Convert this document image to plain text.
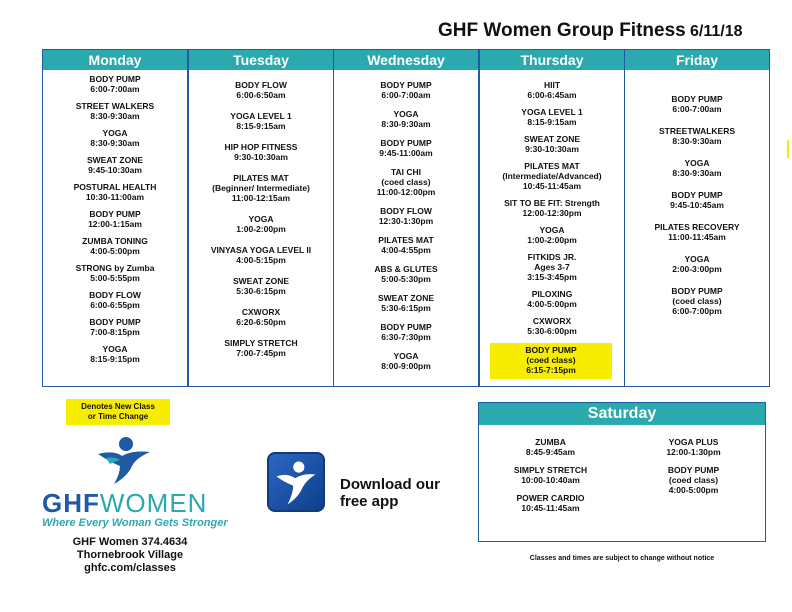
GHF Women Group Fitness 6/11/18
Monday
BODY PUMP
6:00-7:00am
STREET WALKERS
8:30-9:30am
YOGA
8:30-9:30am
SWEAT ZONE
9:45-10:30am
POSTURAL HEALTH
10:30-11:00am
BODY PUMP
12:00-1:15am
ZUMBA TONING
4:00-5:00pm
STRONG by Zumba
5:00-5:55pm
BODY FLOW
6:00-6:55pm
BODY PUMP
7:00-8:15pm
YOGA
8:15-9:15pm
Tuesday
BODY FLOW
6:00-6:50am
YOGA LEVEL 1
8:15-9:15am
HIP HOP FITNESS
9:30-10:30am
PILATES MAT
(Beginner/ Intermediate)
11:00-12:15am
YOGA
1:00-2:00pm
VINYASA YOGA LEVEL II
4:00-5:15pm
SWEAT ZONE
5:30-6:15pm
CXWORX
6:20-6:50pm
SIMPLY STRETCH
7:00-7:45pm
Wednesday
BODY PUMP
6:00-7:00am
YOGA
8:30-9:30am
BODY PUMP
9:45-11:00am
TAI CHI
(coed class)
11:00-12:00pm
BODY FLOW
12:30-1:30pm
PILATES MAT
4:00-4:55pm
ABS & GLUTES
5:00-5:30pm
SWEAT ZONE
5:30-6:15pm
BODY PUMP
6:30-7:30pm
YOGA
8:00-9:00pm
Thursday
HIIT
6:00-6:45am
YOGA LEVEL 1
8:15-9:15am
SWEAT ZONE
9:30-10:30am
PILATES MAT
(Intermediate/Advanced)
10:45-11:45am
SIT TO BE FIT: Strength
12:00-12:30pm
YOGA
1:00-2:00pm
FITKIDS JR.
Ages 3-7
3:15-3:45pm
PILOXING
4:00-5:00pm
CXWORX
5:30-6:00pm
BODY PUMP
(coed class)
6:15-7:15pm
Friday
BODY PUMP
6:00-7:00am
STREETWALKERS
8:30-9:30am
YOGA
8:30-9:30am
BODY PUMP
9:45-10:45am
PILATES RECOVERY
11:00-11:45am
YOGA
2:00-3:00pm
BODY PUMP
(coed class)
6:00-7:00pm
Denotes New Class
or Time Change	Saturday
ZUMBA
8:45-9:45am
SIMPLY STRETCH
10:00-10:40am
POWER CARDIO
10:45-11:45am
YOGA PLUS
12:00-1:30pm
BODY PUMP
(coed class)
4:00-5:00pm
Classes and times are subject to change without notice
GHFWOMEN
Where Every Woman Gets Stronger
GHF Women 374.4634
Thornebrook Village
ghfc.com/classes
Download our
free app
